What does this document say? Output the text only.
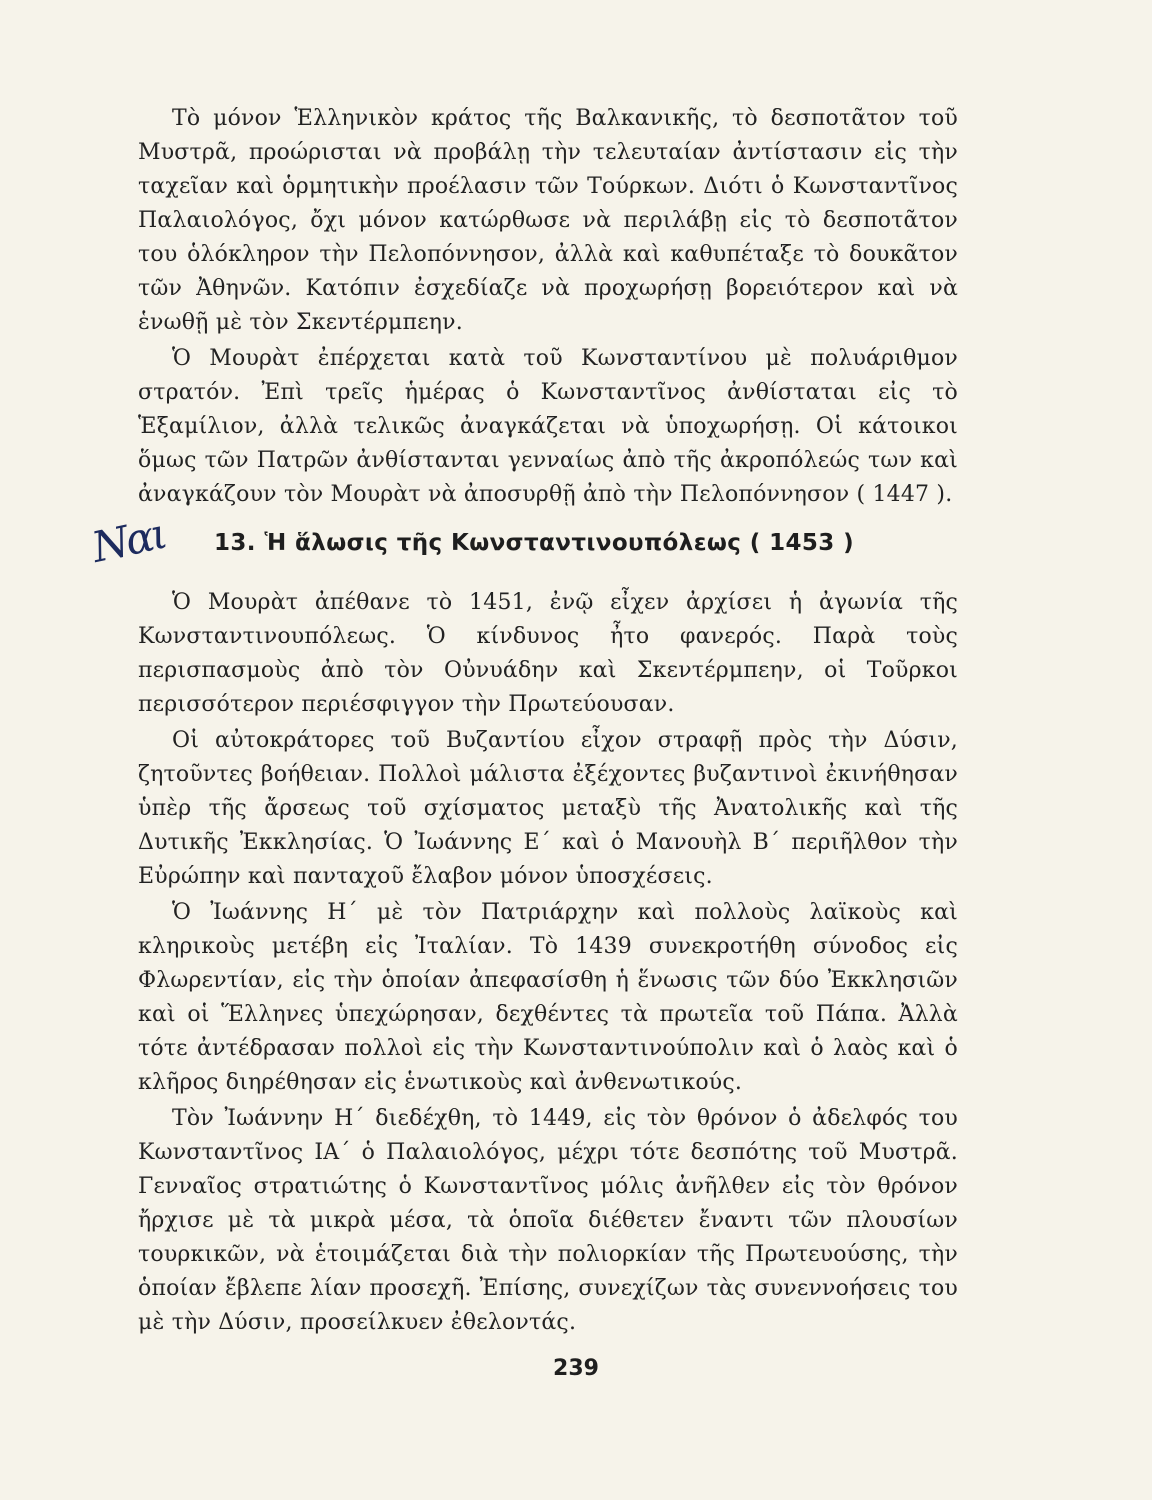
Τὸ μόνον Ἑλληνικὸν κράτος τῆς Βαλκανικῆς, τὸ δεσποτᾶτον τοῦ Μυστρᾶ, προώρισται νὰ προβάλῃ τὴν τελευταίαν ἀντίστασιν εἰς τὴν ταχεῖαν καὶ ὁρμητικὴν προέλασιν τῶν Τούρκων. Διότι ὁ Κωνσταντῖνος Παλαιολόγος, ὄχι μόνον κατώρθωσε νὰ περιλάβῃ εἰς τὸ δεσποτᾶτον του ὁλόκληρον τὴν Πελοπόννησον, ἀλλὰ καὶ καθυπέταξε τὸ δουκᾶτον τῶν Ἀθηνῶν. Κατόπιν ἐσχεδίαζε νὰ προχωρήσῃ βορειότερον καὶ νὰ ἑνωθῇ μὲ τὸν Σκεντέρμπεην.

Ὁ Μουρὰτ ἐπέρχεται κατὰ τοῦ Κωνσταντίνου μὲ πολυάριθμον στρατόν. Ἐπὶ τρεῖς ἡμέρας ὁ Κωνσταντῖνος ἀνθίσταται εἰς τὸ Ἑξαμίλιον, ἀλλὰ τελικῶς ἀναγκάζεται νὰ ὑποχωρήσῃ. Οἱ κάτοικοι ὅμως τῶν Πατρῶν ἀνθίστανται γενναίως ἀπὸ τῆς ἀκροπόλεώς των καὶ ἀναγκάζουν τὸν Μουρὰτ νὰ ἀποσυρθῇ ἀπὸ τὴν Πελοπόννησον ( 1447 ).

Ναι 13. Ἡ ἅλωσις τῆς Κωνσταντινουπόλεως ( 1453 )

Ὁ Μουρὰτ ἀπέθανε τὸ 1451, ἐνῷ εἶχεν ἀρχίσει ἡ ἀγωνία τῆς Κωνσταντινουπόλεως. Ὁ κίνδυνος ἦτο φανερός. Παρὰ τοὺς περισπασμοὺς ἀπὸ τὸν Οὐνυάδην καὶ Σκεντέρμπεην, οἱ Τοῦρκοι περισσότερον περιέσφιγγον τὴν Πρωτεύουσαν.

Οἱ αὐτοκράτορες τοῦ Βυζαντίου εἶχον στραφῇ πρὸς τὴν Δύσιν, ζητοῦντες βοήθειαν. Πολλοὶ μάλιστα ἐξέχοντες βυζαντινοὶ ἐκινήθησαν ὑπὲρ τῆς ἄρσεως τοῦ σχίσματος μεταξὺ τῆς Ἀνατολικῆς καὶ τῆς Δυτικῆς Ἐκκλησίας. Ὁ Ἰωάννης Ε΄ καὶ ὁ Μανουὴλ Β΄ περιῆλθον τὴν Εὐρώπην καὶ πανταχοῦ ἔλαβον μόνον ὑποσχέσεις.

Ὁ Ἰωάννης Η΄ μὲ τὸν Πατριάρχην καὶ πολλοὺς λαϊκοὺς καὶ κληρικοὺς μετέβη εἰς Ἰταλίαν. Τὸ 1439 συνεκροτήθη σύνοδος εἰς Φλωρεντίαν, εἰς τὴν ὁποίαν ἀπεφασίσθη ἡ ἕνωσις τῶν δύο Ἐκκλησιῶν καὶ οἱ Ἕλληνες ὑπεχώρησαν, δεχθέντες τὰ πρωτεῖα τοῦ Πάπα. Ἀλλὰ τότε ἀντέδρασαν πολλοὶ εἰς τὴν Κωνσταντινούπολιν καὶ ὁ λαὸς καὶ ὁ κλῆρος διηρέθησαν εἰς ἑνωτικοὺς καὶ ἀνθενωτικούς.

Τὸν Ἰωάννην Η΄ διεδέχθη, τὸ 1449, εἰς τὸν θρόνον ὁ ἀδελφός του Κωνσταντῖνος ΙΑ΄ ὁ Παλαιολόγος, μέχρι τότε δεσπότης τοῦ Μυστρᾶ. Γενναῖος στρατιώτης ὁ Κωνσταντῖνος μόλις ἀνῆλθεν εἰς τὸν θρόνον ἤρχισε μὲ τὰ μικρὰ μέσα, τὰ ὁποῖα διέθετεν ἔναντι τῶν πλουσίων τουρκικῶν, νὰ ἑτοιμάζεται διὰ τὴν πολιορκίαν τῆς Πρωτευούσης, τὴν ὁποίαν ἔβλεπε λίαν προσεχῆ. Ἐπίσης, συνεχίζων τὰς συνεννοήσεις του μὲ τὴν Δύσιν, προσείλκυεν ἐθελοντάς.

239
